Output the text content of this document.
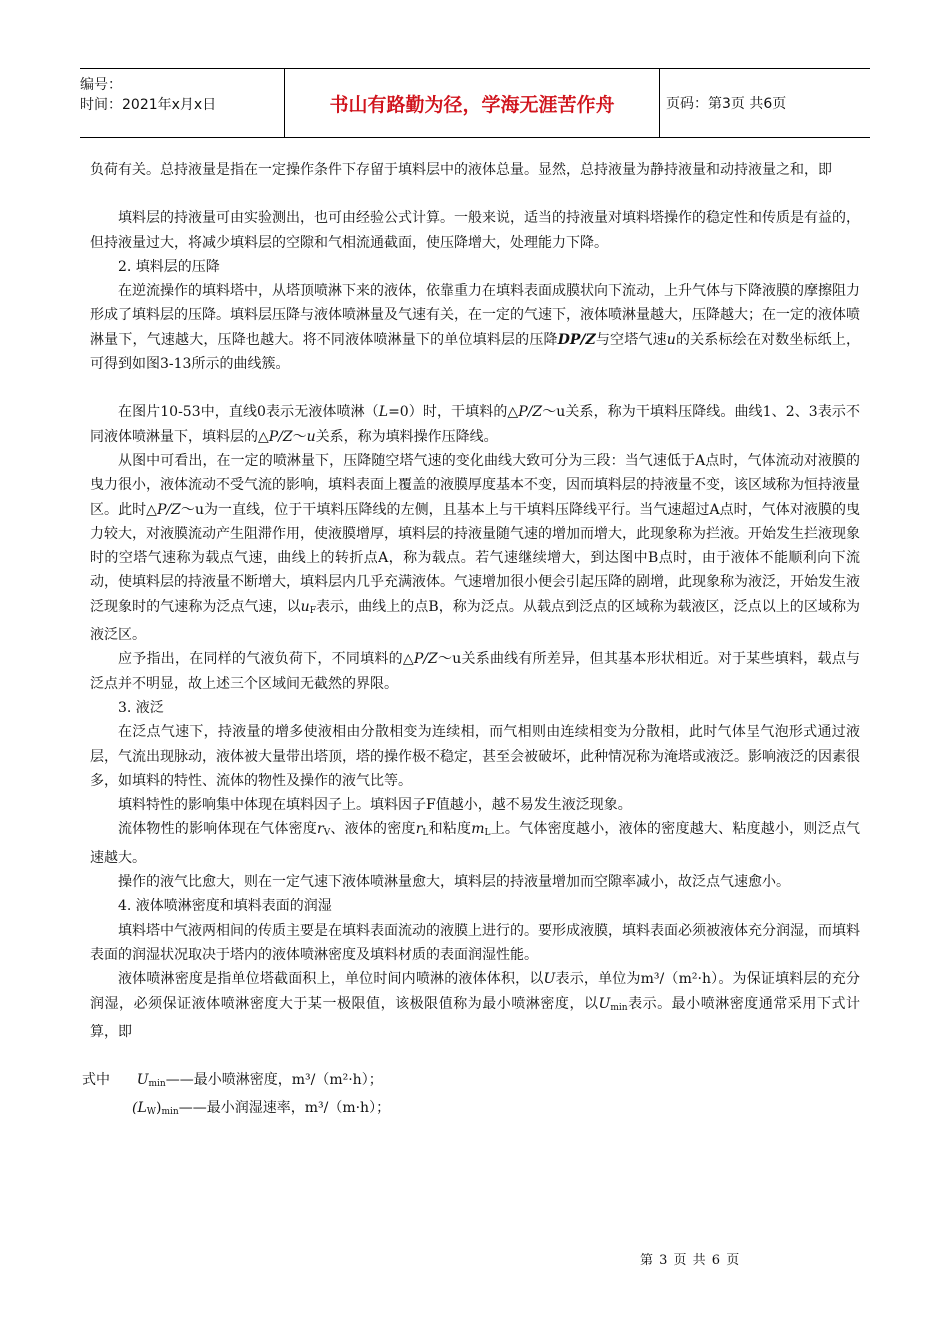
编号：
时间：2021年x月x日	书山有路勤为径，学海无涯苦作舟	页码：第3页 共6页

负荷有关。总持液量是指在一定操作条件下存留于填料层中的液体总量。显然，总持液量为静持液量和动持液量之和，即

填料层的持液量可由实验测出，也可由经验公式计算。一般来说，适当的持液量对填料塔操作的稳定性和传质是有益的，但持液量过大，将减少填料层的空隙和气相流通截面，使压降增大，处理能力下降。

2. 填料层的压降

在逆流操作的填料塔中，从塔顶喷淋下来的液体，依靠重力在填料表面成膜状向下流动，上升气体与下降液膜的摩擦阻力形成了填料层的压降。填料层压降与液体喷淋量及气速有关，在一定的气速下，液体喷淋量越大，压降越大；在一定的液体喷淋量下，气速越大，压降也越大。将不同液体喷淋量下的单位填料层的压降DP/Z与空塔气速u的关系标绘在对数坐标纸上，可得到如图3-13所示的曲线簇。

在图片10-53中，直线0表示无液体喷淋（L=0）时，干填料的△P/Z～u关系，称为干填料压降线。曲线1、2、3表示不同液体喷淋量下，填料层的△P/Z～u关系，称为填料操作压降线。

从图中可看出，在一定的喷淋量下，压降随空塔气速的变化曲线大致可分为三段：当气速低于A点时，气体流动对液膜的曳力很小，液体流动不受气流的影响，填料表面上覆盖的液膜厚度基本不变，因而填料层的持液量不变，该区域称为恒持液量区。此时△P/Z～u为一直线，位于干填料压降线的左侧，且基本上与干填料压降线平行。当气速超过A点时，气体对液膜的曳力较大，对液膜流动产生阻滞作用，使液膜增厚，填料层的持液量随气速的增加而增大，此现象称为拦液。开始发生拦液现象时的空塔气速称为载点气速，曲线上的转折点A，称为载点。若气速继续增大，到达图中B点时，由于液体不能顺利向下流动，使填料层的持液量不断增大，填料层内几乎充满液体。气速增加很小便会引起压降的剧增，此现象称为液泛，开始发生液泛现象时的气速称为泛点气速，以$u_F$表示，曲线上的点B，称为泛点。从载点到泛点的区域称为载液区，泛点以上的区域称为液泛区。

应予指出，在同样的气液负荷下，不同填料的△P/Z～u关系曲线有所差异，但其基本形状相近。对于某些填料，载点与泛点并不明显，故上述三个区域间无截然的界限。

3. 液泛

在泛点气速下，持液量的增多使液相由分散相变为连续相，而气相则由连续相变为分散相，此时气体呈气泡形式通过液层，气流出现脉动，液体被大量带出塔顶，塔的操作极不稳定，甚至会被破坏，此种情况称为淹塔或液泛。影响液泛的因素很多，如填料的特性、流体的物性及操作的液气比等。

填料特性的影响集中体现在填料因子上。填料因子F值越小，越不易发生液泛现象。

流体物性的影响体现在气体密度$r_V$、液体的密度$r_L$和粘度$m_L$上。气体密度越小，液体的密度越大、粘度越小，则泛点气速越大。

操作的液气比愈大，则在一定气速下液体喷淋量愈大，填料层的持液量增加而空隙率减小，故泛点气速愈小。

4. 液体喷淋密度和填料表面的润湿

填料塔中气液两相间的传质主要是在填料表面流动的液膜上进行的。要形成液膜，填料表面必须被液体充分润湿，而填料表面的润湿状况取决于塔内的液体喷淋密度及填料材质的表面润湿性能。

液体喷淋密度是指单位塔截面积上，单位时间内喷淋的液体体积，以U表示，单位为m³/（m²·h）。为保证填料层的充分润湿，必须保证液体喷淋密度大于某一极限值，该极限值称为最小喷淋密度，以$U_{min}$表示。最小喷淋密度通常采用下式计算，即

式中 $U_{min}——$最小喷淋密度，m³/（m²·h）；

$(L_W)_{min}——$最小润湿速率，m³/（m·h）；

第 3 页 共 6 页
